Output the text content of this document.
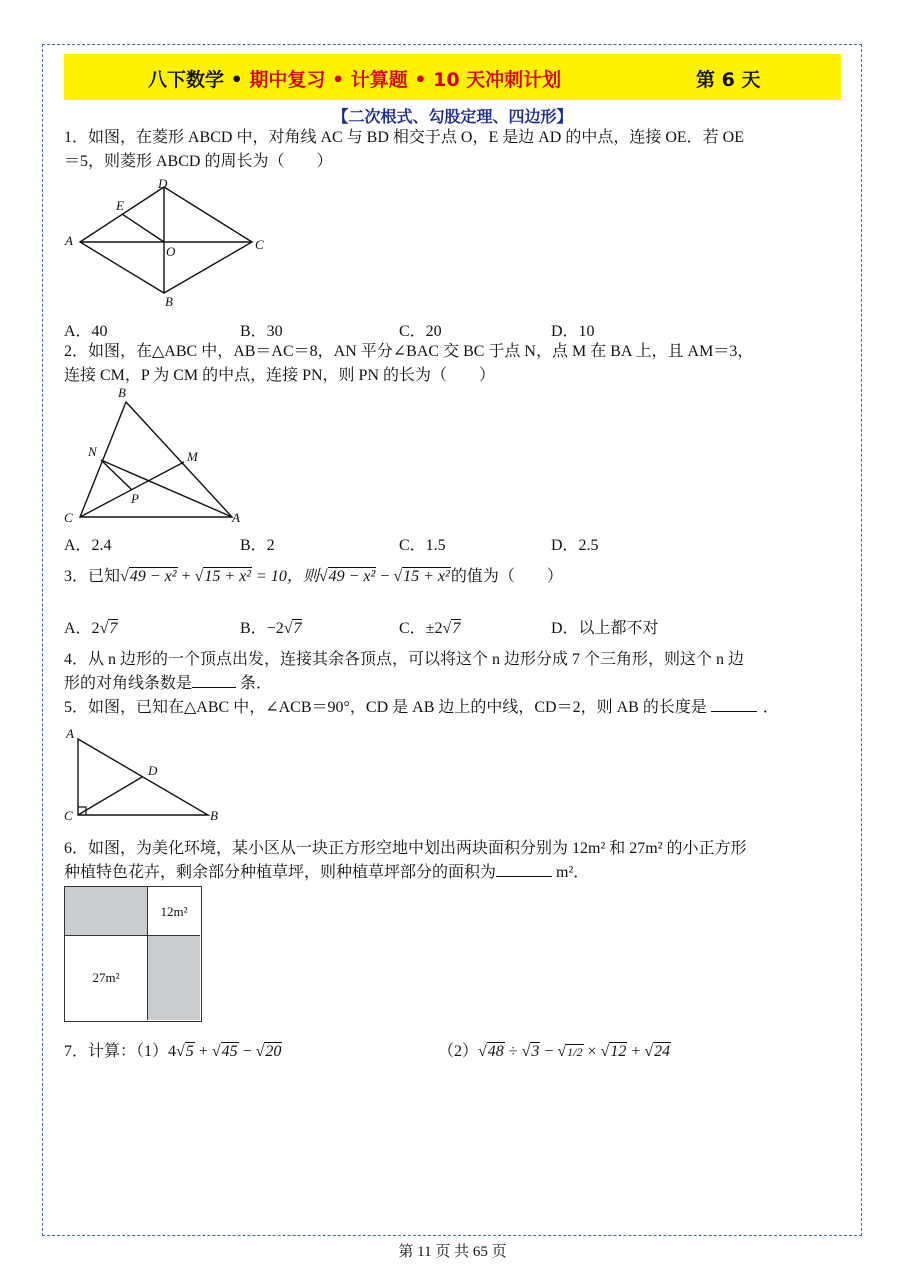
八下数学 • 期中复习 • 计算题 • 10 天冲刺计划	第 6 天
【二次根式、勾股定理、四边形】
1．如图，在菱形 ABCD 中，对角线 AC 与 BD 相交于点 O，E 是边 AD 的中点，连接 OE．若 OE
＝5，则菱形 ABCD 的周长为（　　）
A
D
E
O	C
B
A．40	B．30	C．20	D．10
2．如图，在△ABC 中，AB＝AC＝8，AN 平分∠BAC 交 BC 于点 N，点 M 在 BA 上，且 AM＝3，
连接 CM，P 为 CM 的中点，连接 PN，则 PN 的长为（　　）
B
N	M
P
C	A
A．2.4	B．2	C．1.5	D．2.5
3．已知√49 − x² + √15 + x² = 10，则√49 − x² − √15 + x²的值为（　　）
A．2√7	B．−2√7	C．±2√7	D．以上都不对
4．从 n 边形的一个顶点出发，连接其余各顶点，可以将这个 n 边形分成 7 个三角形，则这个 n 边
形的对角线条数是	条．
5．如图，已知在△ABC 中，∠ACB＝90°，CD 是 AB 边上的中线，CD＝2，则 AB 的长度是	．
A
D
C	B
6．如图，为美化环境，某小区从一块正方形空地中划出两块面积分别为 12m² 和 27m² 的小正方形
种植特色花卉，剩余部分种植草坪，则种植草坪部分的面积为	m²．
12m²
27m²
7．计算：（1）4√5 + √45 − √20	（2）√48 ÷ √3 − √1/2 × √12 + √24
第 11 页 共 65 页
